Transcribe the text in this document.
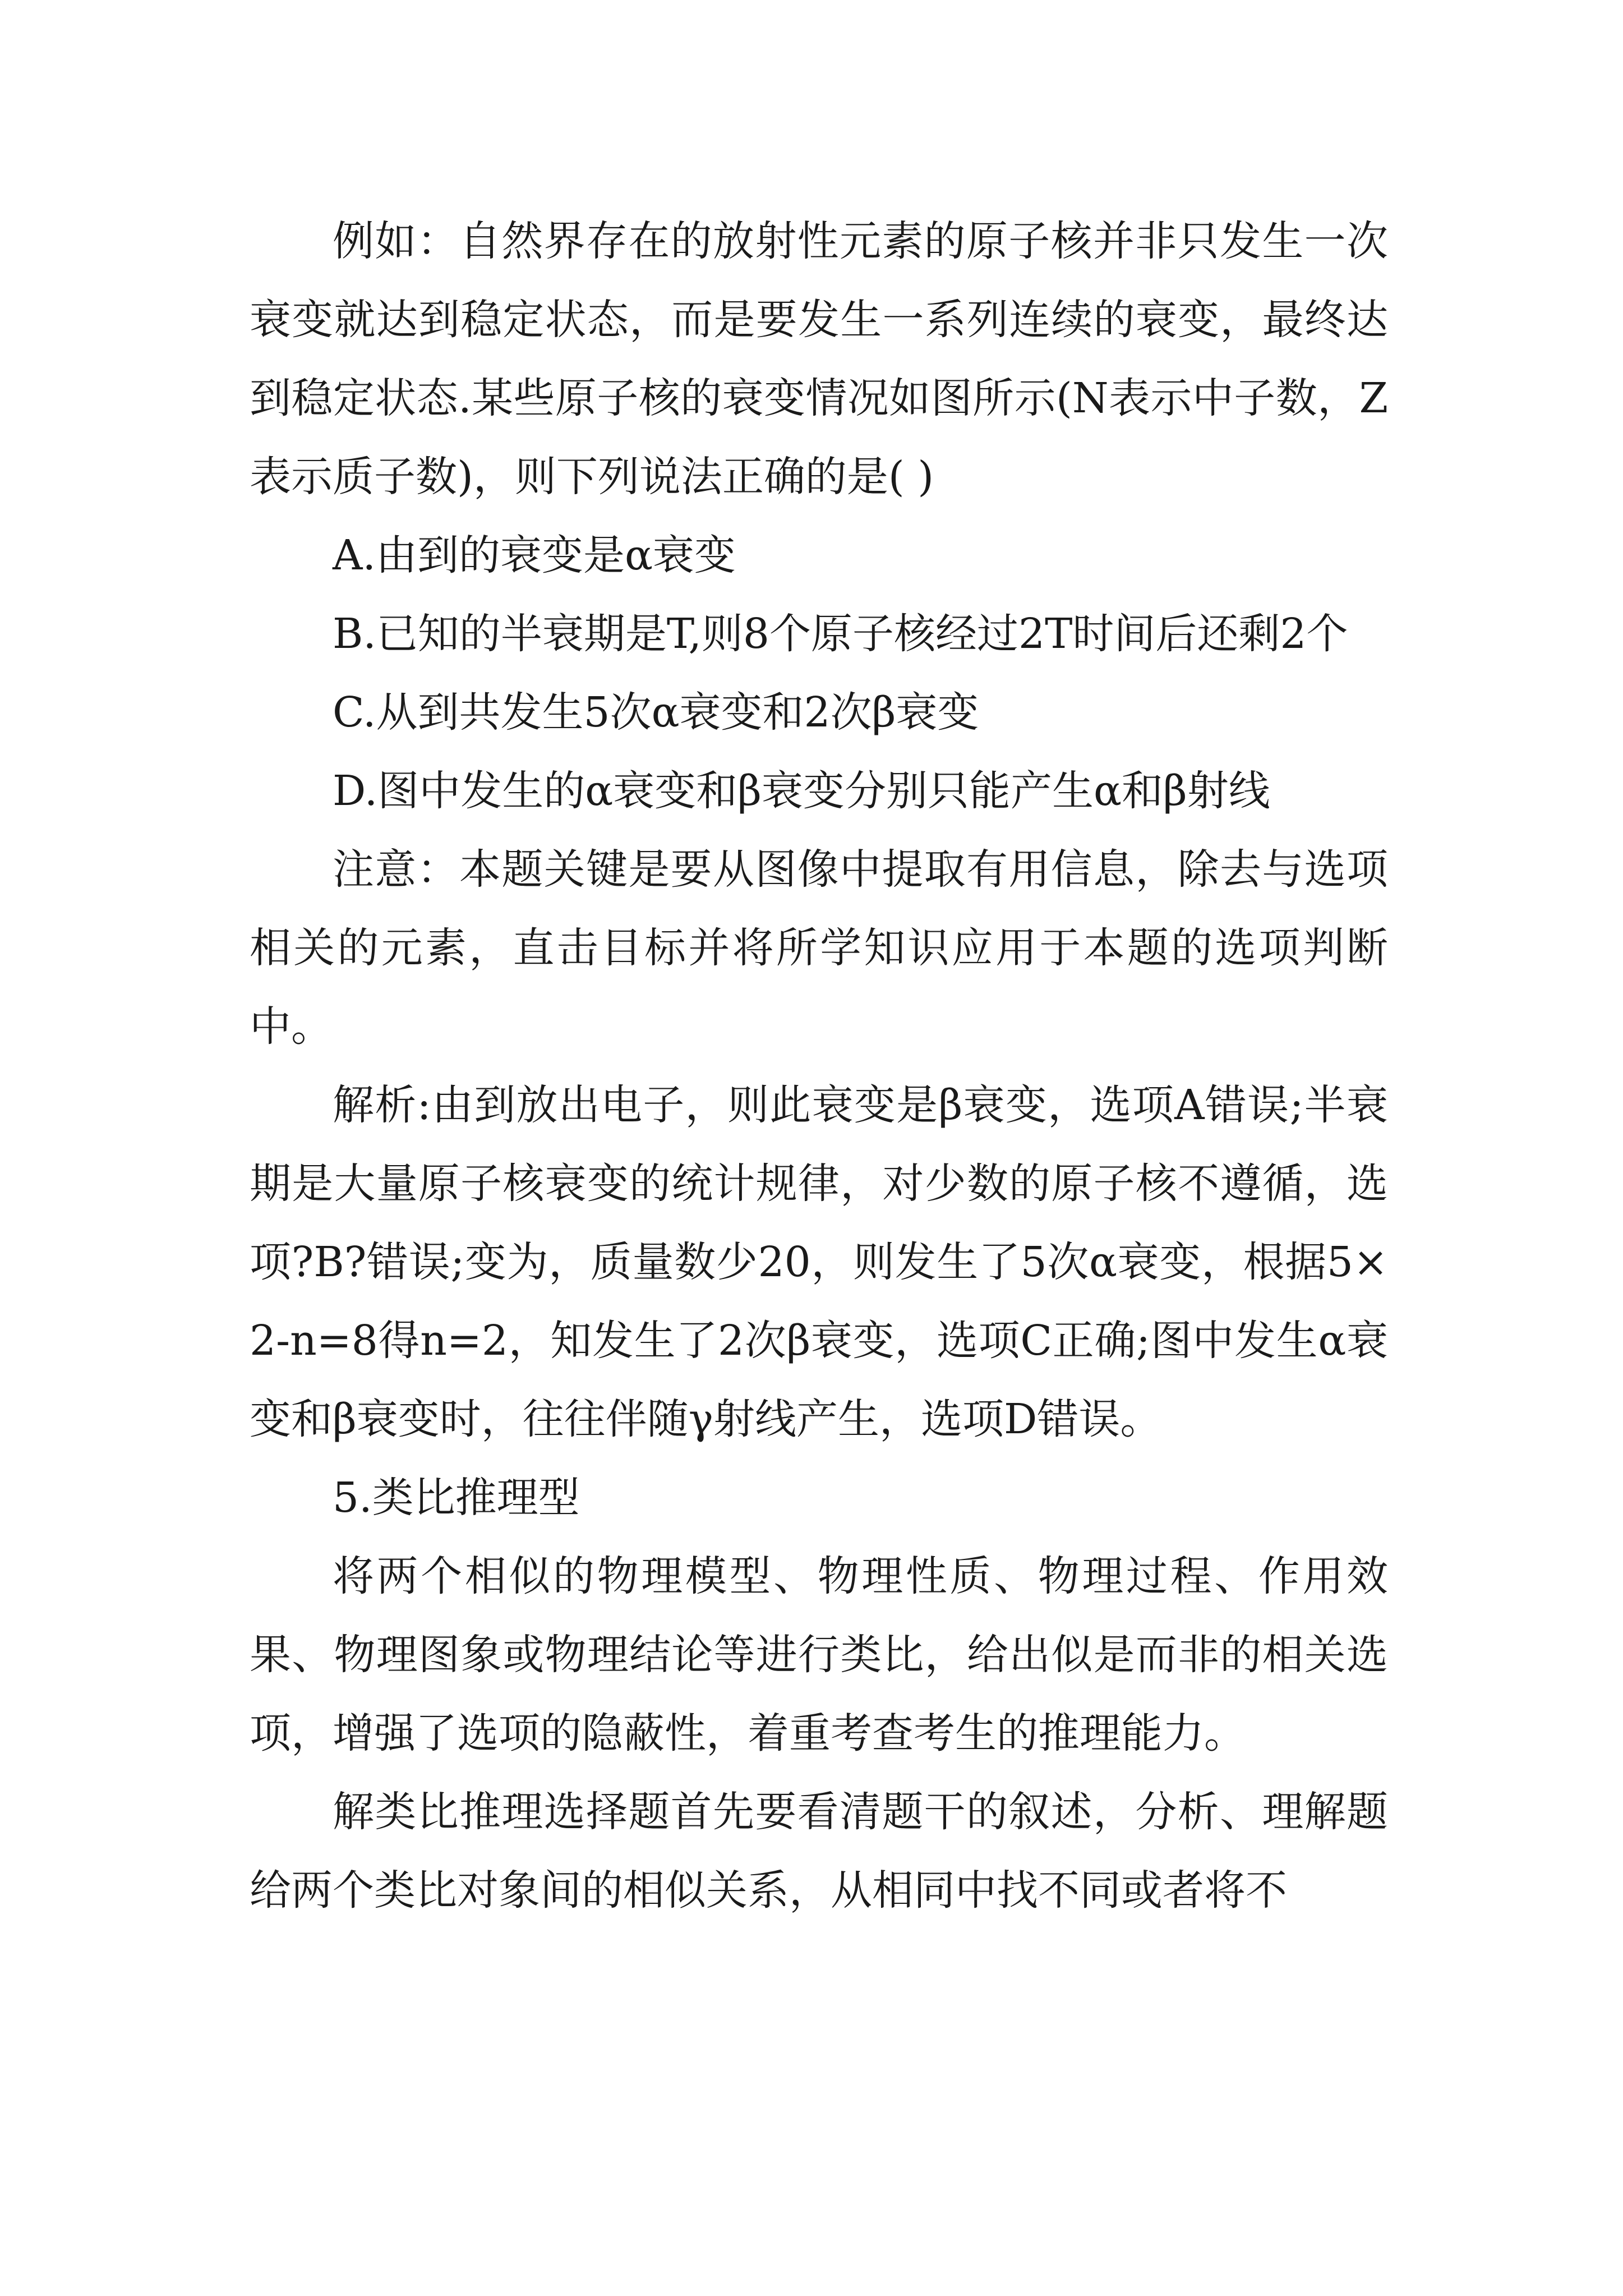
例如：自然界存在的放射性元素的原子核并非只发生一次衰变就达到稳定状态，而是要发生一系列连续的衰变，最终达到稳定状态.某些原子核的衰变情况如图所示(N表示中子数，Z表示质子数)，则下列说法正确的是( )

A.由到的衰变是α衰变

B.已知的半衰期是T,则8个原子核经过2T时间后还剩2个

C.从到共发生5次α衰变和2次β衰变

D.图中发生的α衰变和β衰变分别只能产生α和β射线

注意：本题关键是要从图像中提取有用信息，除去与选项相关的元素，直击目标并将所学知识应用于本题的选项判断中。

解析:由到放出电子，则此衰变是β衰变，选项A错误;半衰期是大量原子核衰变的统计规律，对少数的原子核不遵循，选项?B?错误;变为，质量数少20，则发生了5次α衰变，根据5×2-n=8得n=2，知发生了2次β衰变，选项C正确;图中发生α衰变和β衰变时，往往伴随γ射线产生，选项D错误。

5.类比推理型

将两个相似的物理模型、物理性质、物理过程、作用效果、物理图象或物理结论等进行类比，给出似是而非的相关选项，增强了选项的隐蔽性，着重考查考生的推理能力。

解类比推理选择题首先要看清题干的叙述，分析、理解题给两个类比对象间的相似关系，从相同中找不同或者将不
